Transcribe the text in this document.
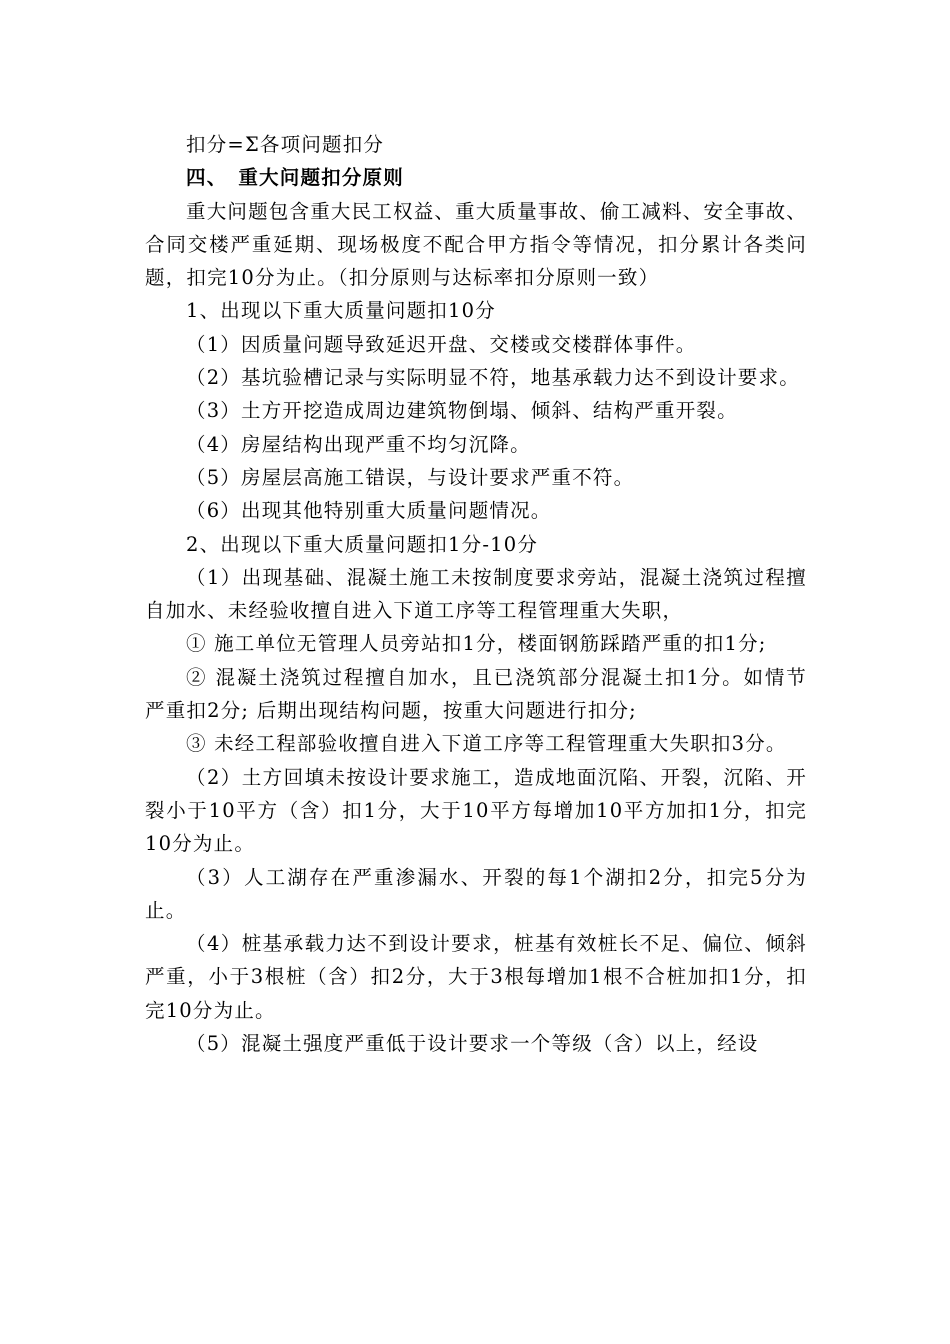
扣分=Σ各项问题扣分

四、　重大问题扣分原则

重大问题包含重大民工权益、重大质量事故、偷工减料、安全事故、合同交楼严重延期、现场极度不配合甲方指令等情况，扣分累计各类问题，扣完10分为止。（扣分原则与达标率扣分原则一致）

1、出现以下重大质量问题扣10分

（1）因质量问题导致延迟开盘、交楼或交楼群体事件。

（2）基坑验槽记录与实际明显不符，地基承载力达不到设计要求。

（3）土方开挖造成周边建筑物倒塌、倾斜、结构严重开裂。

（4）房屋结构出现严重不均匀沉降。

（5）房屋层高施工错误，与设计要求严重不符。

（6）出现其他特别重大质量问题情况。

2、出现以下重大质量问题扣1分-10分

（1）出现基础、混凝土施工未按制度要求旁站，混凝土浇筑过程擅自加水、未经验收擅自进入下道工序等工程管理重大失职，

① 施工单位无管理人员旁站扣1分，楼面钢筋踩踏严重的扣1分;

② 混凝土浇筑过程擅自加水，且已浇筑部分混凝土扣1分。如情节严重扣2分; 后期出现结构问题，按重大问题进行扣分;

③ 未经工程部验收擅自进入下道工序等工程管理重大失职扣3分。

（2）土方回填未按设计要求施工，造成地面沉陷、开裂，沉陷、开裂小于10平方（含）扣1分，大于10平方每增加10平方加扣1分，扣完10分为止。

（3）人工湖存在严重渗漏水、开裂的每1个湖扣2分，扣完5分为止。

（4）桩基承载力达不到设计要求，桩基有效桩长不足、偏位、倾斜严重，小于3根桩（含）扣2分，大于3根每增加1根不合桩加扣1分，扣完10分为止。

（5）混凝土强度严重低于设计要求一个等级（含）以上，经设
